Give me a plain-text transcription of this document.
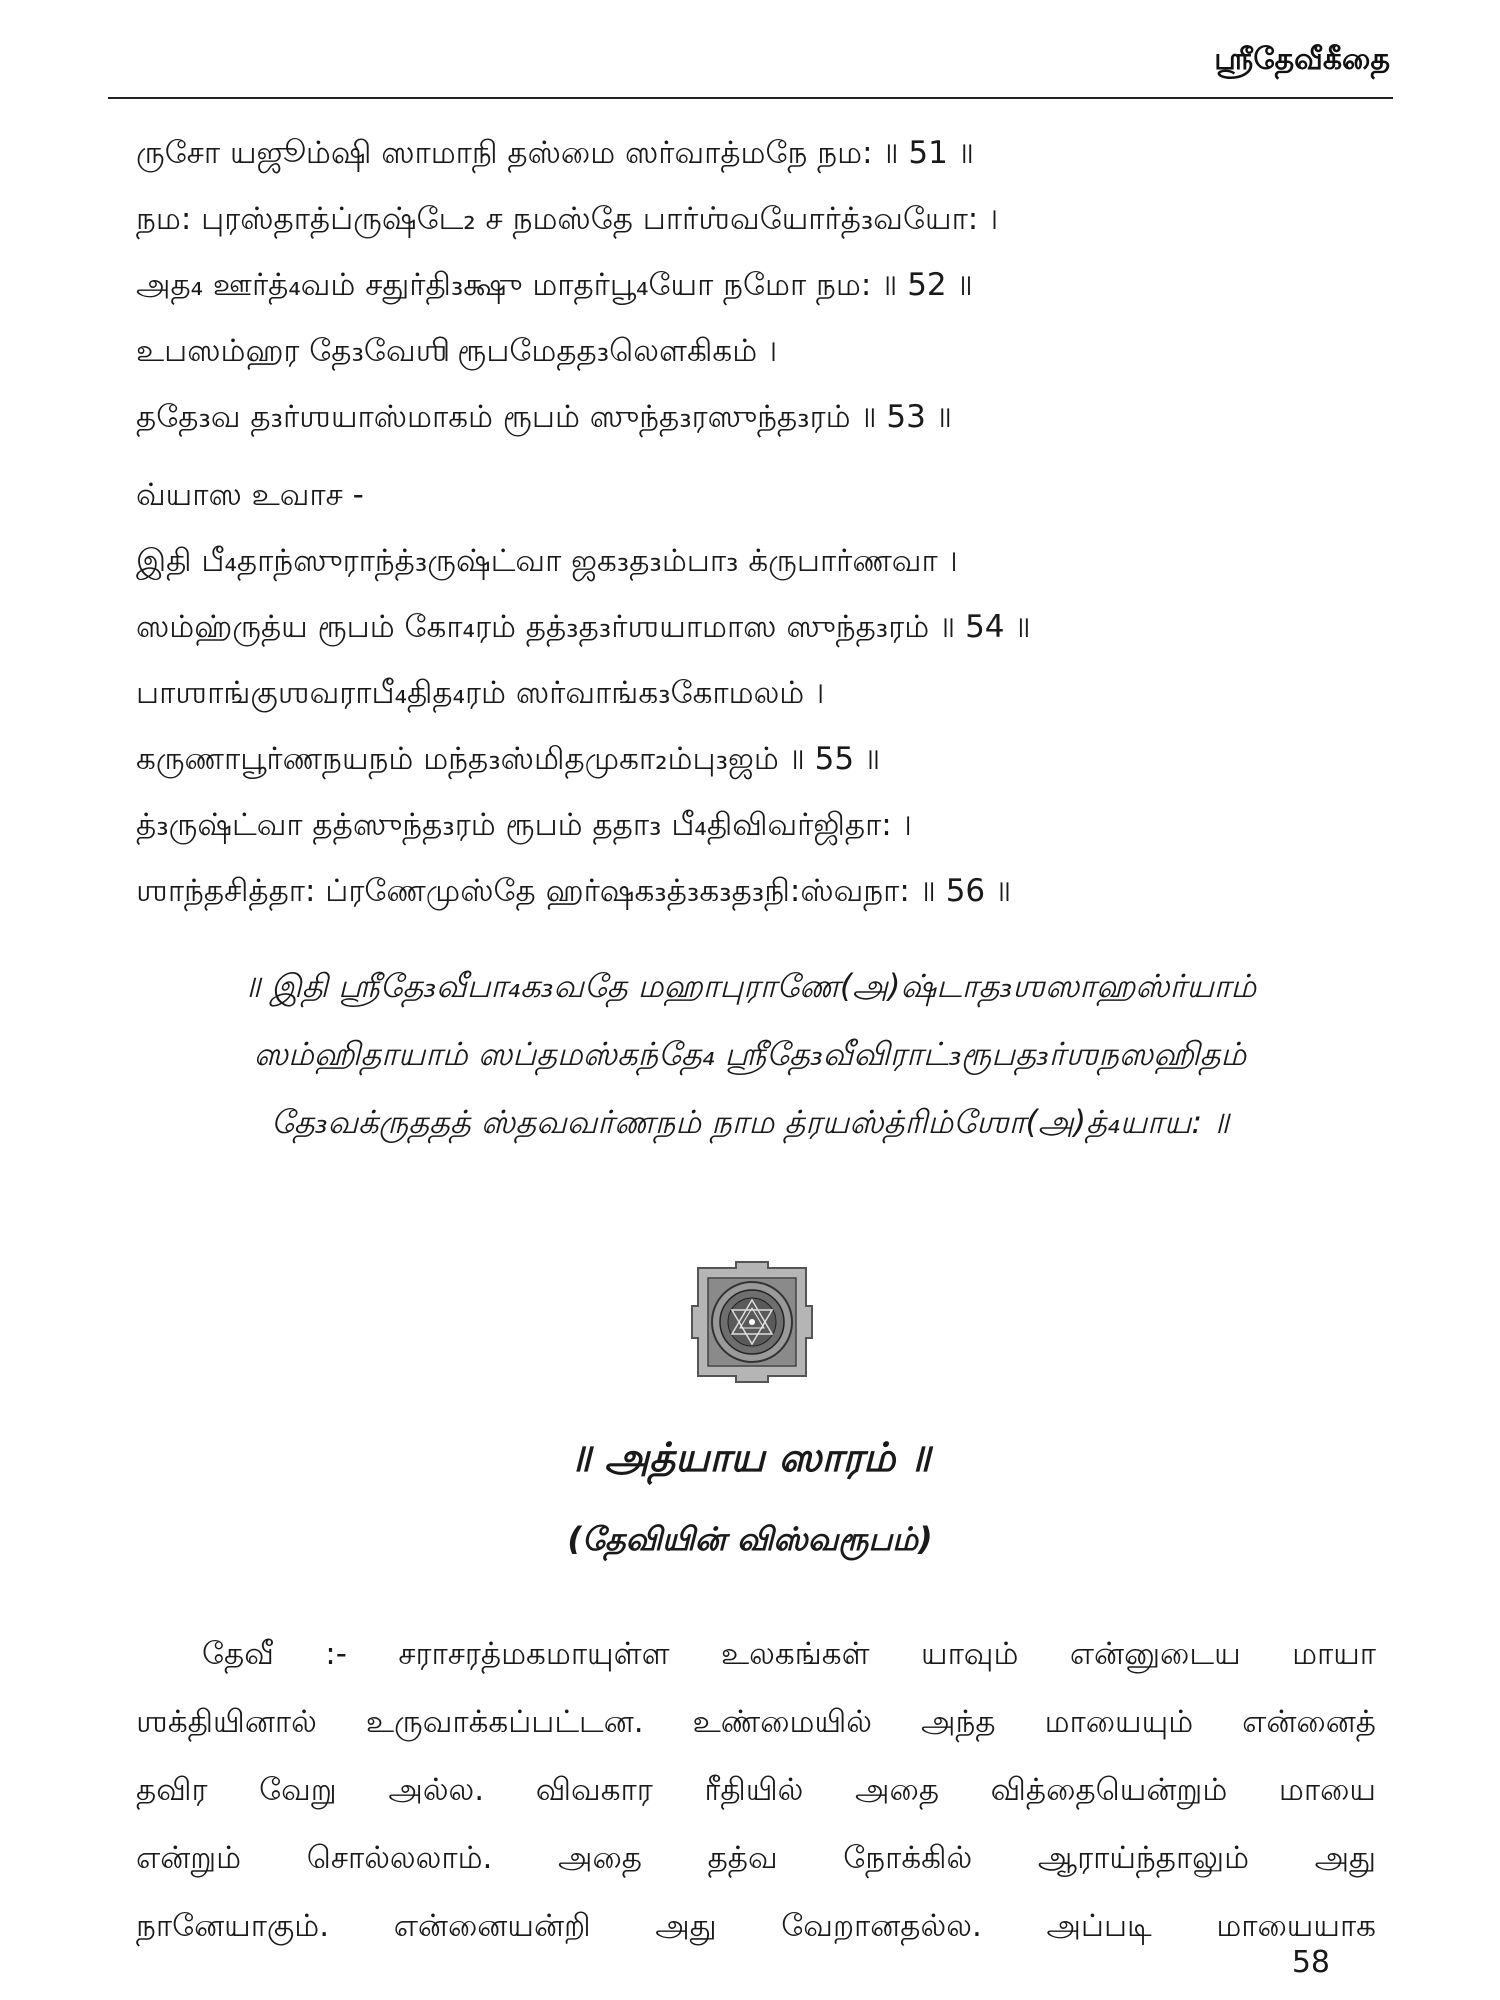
ஸ்ரீதேவீகீதை
ருசோ யஜூம்ஷி ஸாமாநி தஸ்மை ஸர்வாத்மநே நம: ॥ 51 ॥
நம: புரஸ்தாத்ப்ருஷ்டே₂ ச நமஸ்தே பார்ஶ்வயோர்த்₃வயோ: ।
அத₄ ஊர்த்₄வம் சதுர்தி₃க்ஷு மாதர்பூ₄யோ நமோ நம: ॥ 52 ॥
உபஸம்ஹர தே₃வேஶி ரூபமேதத₃லௌகிகம் ।
ததே₃வ த₃ர்ஶயாஸ்மாகம் ரூபம் ஸுந்த₃ரஸுந்த₃ரம் ॥ 53 ॥
வ்யாஸ உவாச -
இதி பீ₄தாந்ஸுராந்த்₃ருஷ்ட்வா ஜக₃த₃ம்பா₃ க்ருபார்ணவா ।
ஸம்ஹ்ருத்ய ரூபம் கோ₄ரம் தத்₃த₃ர்ஶயாமாஸ ஸுந்த₃ரம் ॥ 54 ॥
பாஶாங்குஶவராபீ₄தித₄ரம் ஸர்வாங்க₃கோமலம் ।
கருணாபூர்ணநயநம் மந்த₃ஸ்மிதமுகா₂ம்பு₃ஜம் ॥ 55 ॥
த்₃ருஷ்ட்வா தத்ஸுந்த₃ரம் ரூபம் ததா₃ பீ₄திவிவர்ஜிதா: ।
ஶாந்தசித்தா: ப்ரணேமுஸ்தே ஹர்ஷக₃த்₃க₃த₃நி:ஸ்வநா: ॥ 56 ॥
॥ இதி ஸ்ரீதே₃வீபா₄க₃வதே மஹாபுராணே(அ)ஷ்டாத₃ஶஸாஹஸ்ர்யாம்
ஸம்ஹிதாயாம் ஸப்தமஸ்கந்தே₄ ஸ்ரீதே₃வீவிராட்₃ரூபத₃ர்ஶநஸஹிதம்
தே₃வக்ருததத் ஸ்தவவர்ணநம் நாம த்ரயஸ்த்ரிம்ஶோ(அ)த்₄யாய: ॥
॥ அத்யாய ஸாரம் ॥
(தேவியின் விஸ்வரூபம்)
தேவீ :- சராசரத்மகமாயுள்ள உலகங்கள் யாவும் என்னுடைய மாயா
ஶக்தியினால் உருவாக்கப்பட்டன. உண்மையில் அந்த மாயையும் என்னைத்
தவிர வேறு அல்ல. விவகார ரீதியில் அதை வித்தையென்றும் மாயை
என்றும் சொல்லலாம். அதை தத்வ நோக்கில் ஆராய்ந்தாலும் அது
நானேயாகும். என்னையன்றி அது வேறானதல்ல. அப்படி மாயையாக
58
